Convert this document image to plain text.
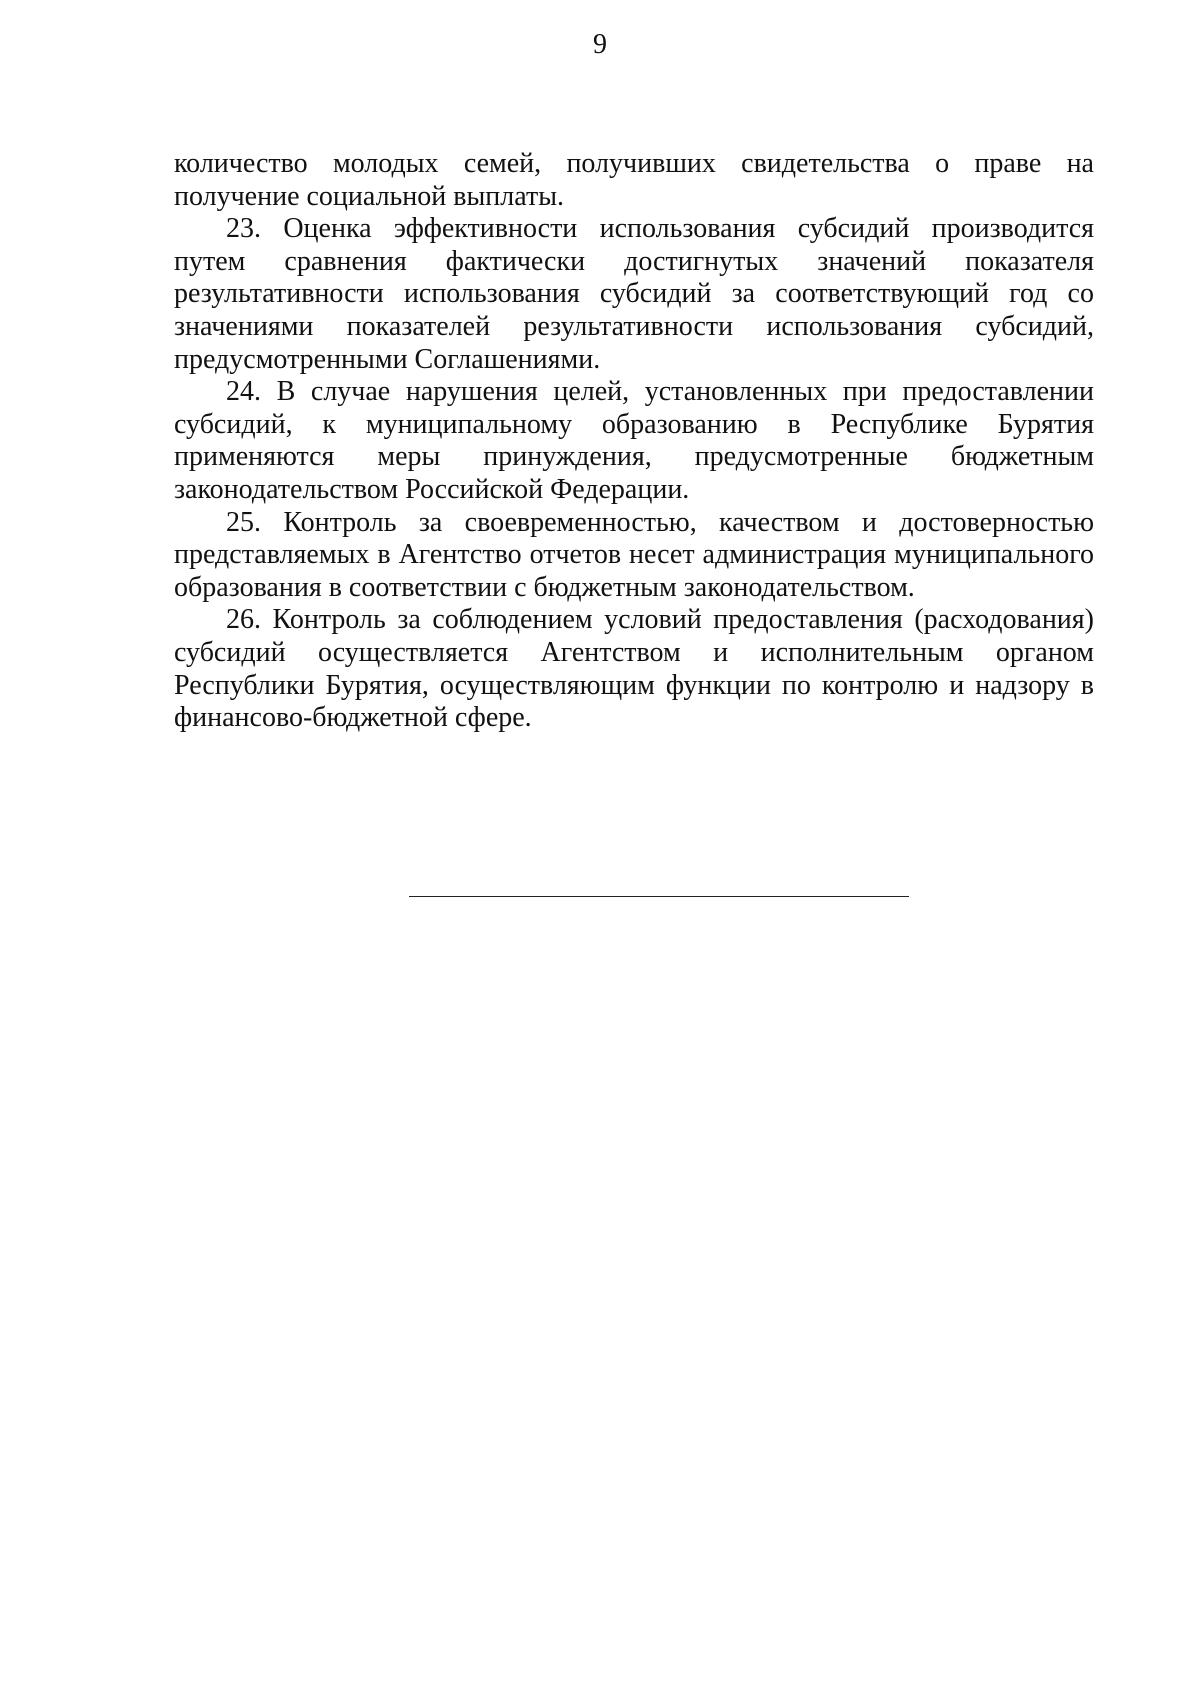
9

количество молодых семей, получивших свидетельства о праве на получение социальной выплаты.

23. Оценка эффективности использования субсидий производится путем сравнения фактически достигнутых значений показателя результативности использования субсидий за соответствующий год со значениями показателей результативности использования субсидий, предусмотренными Соглашениями.

24. В случае нарушения целей, установленных при предоставлении субсидий, к муниципальному образованию в Республике Бурятия применяются меры принуждения, предусмотренные бюджетным законодательством Российской Федерации.

25. Контроль за своевременностью, качеством и достоверностью представляемых в Агентство отчетов несет администрация муниципального образования в соответствии с бюджетным законодательством.

26. Контроль за соблюдением условий предоставления (расходования) субсидий осуществляется Агентством и исполнительным органом Республики Бурятия, осуществляющим функции по контролю и надзору в финансово-бюджетной сфере.
